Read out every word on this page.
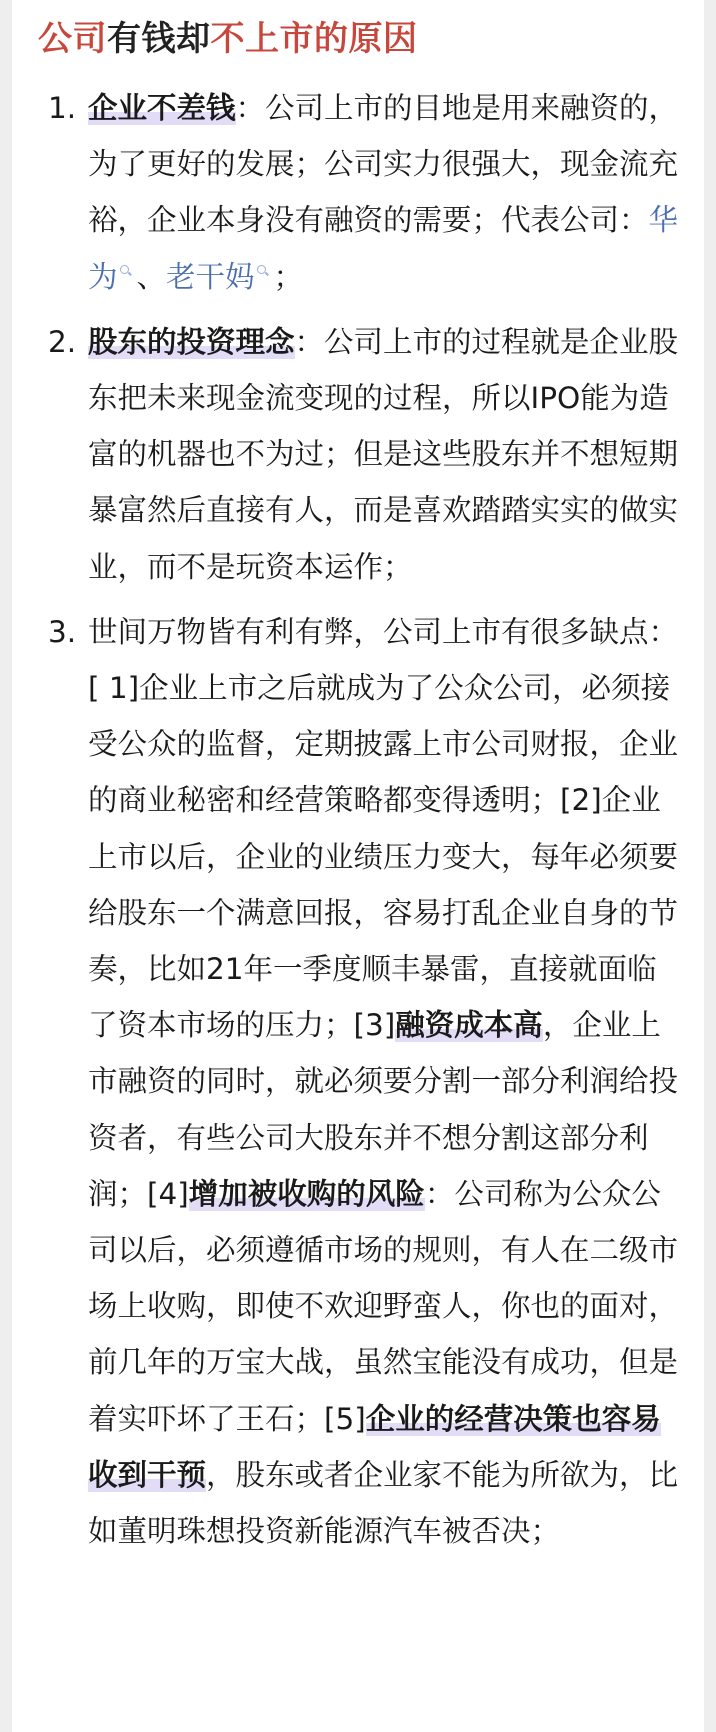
公司有钱却不上市的原因
1. 企业不差钱：公司上市的目地是用来融资的，为了更好的发展；公司实力很强大，现金流充裕，企业本身没有融资的需要；代表公司：华为 、老干妈 ；
2. 股东的投资理念：公司上市的过程就是企业股东把未来现金流变现的过程，所以IPO能为造富的机器也不为过；但是这些股东并不想短期暴富然后直接有人，而是喜欢踏踏实实的做实业，而不是玩资本运作；
3. 世间万物皆有利有弊，公司上市有很多缺点：[ 1]企业上市之后就成为了公众公司，必须接受公众的监督，定期披露上市公司财报，企业的商业秘密和经营策略都变得透明；[2]企业上市以后，企业的业绩压力变大，每年必须要给股东一个满意回报，容易打乱企业自身的节奏，比如21年一季度顺丰暴雷，直接就面临了资本市场的压力；[3]融资成本高，企业上市融资的同时，就必须要分割一部分利润给投资者，有些公司大股东并不想分割这部分利润；[4]增加被收购的风险：公司称为公众公司以后，必须遵循市场的规则，有人在二级市场上收购，即使不欢迎野蛮人，你也的面对，前几年的万宝大战，虽然宝能没有成功，但是着实吓坏了王石；[5]企业的经营决策也容易收到干预，股东或者企业家不能为所欲为，比如董明珠想投资新能源汽车被否决；
